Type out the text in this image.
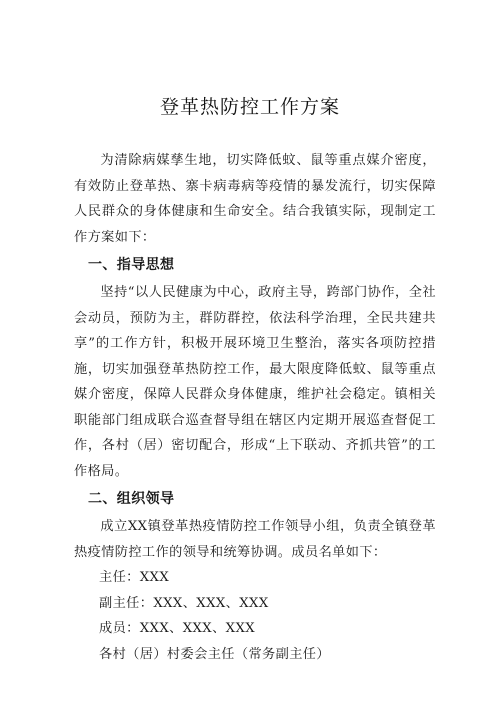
登革热防控工作方案

为清除病媒孳生地，切实降低蚊、鼠等重点媒介密度，有效防止登革热、寨卡病毒病等疫情的暴发流行，切实保障人民群众的身体健康和生命安全。结合我镇实际，现制定工作方案如下：

一、指导思想

坚持“以人民健康为中心，政府主导，跨部门协作，全社会动员，预防为主，群防群控，依法科学治理，全民共建共享”的工作方针，积极开展环境卫生整治，落实各项防控措施，切实加强登革热防控工作，最大限度降低蚊、鼠等重点媒介密度，保障人民群众身体健康，维护社会稳定。镇相关职能部门组成联合巡查督导组在辖区内定期开展巡查督促工作，各村（居）密切配合，形成“上下联动、齐抓共管”的工作格局。

二、组织领导

成立XX镇登革热疫情防控工作领导小组，负责全镇登革热疫情防控工作的领导和统筹协调。成员名单如下：

主任：XXX

副主任：XXX、XXX、XXX

成员：XXX、XXX、XXX

各村（居）村委会主任（常务副主任）
